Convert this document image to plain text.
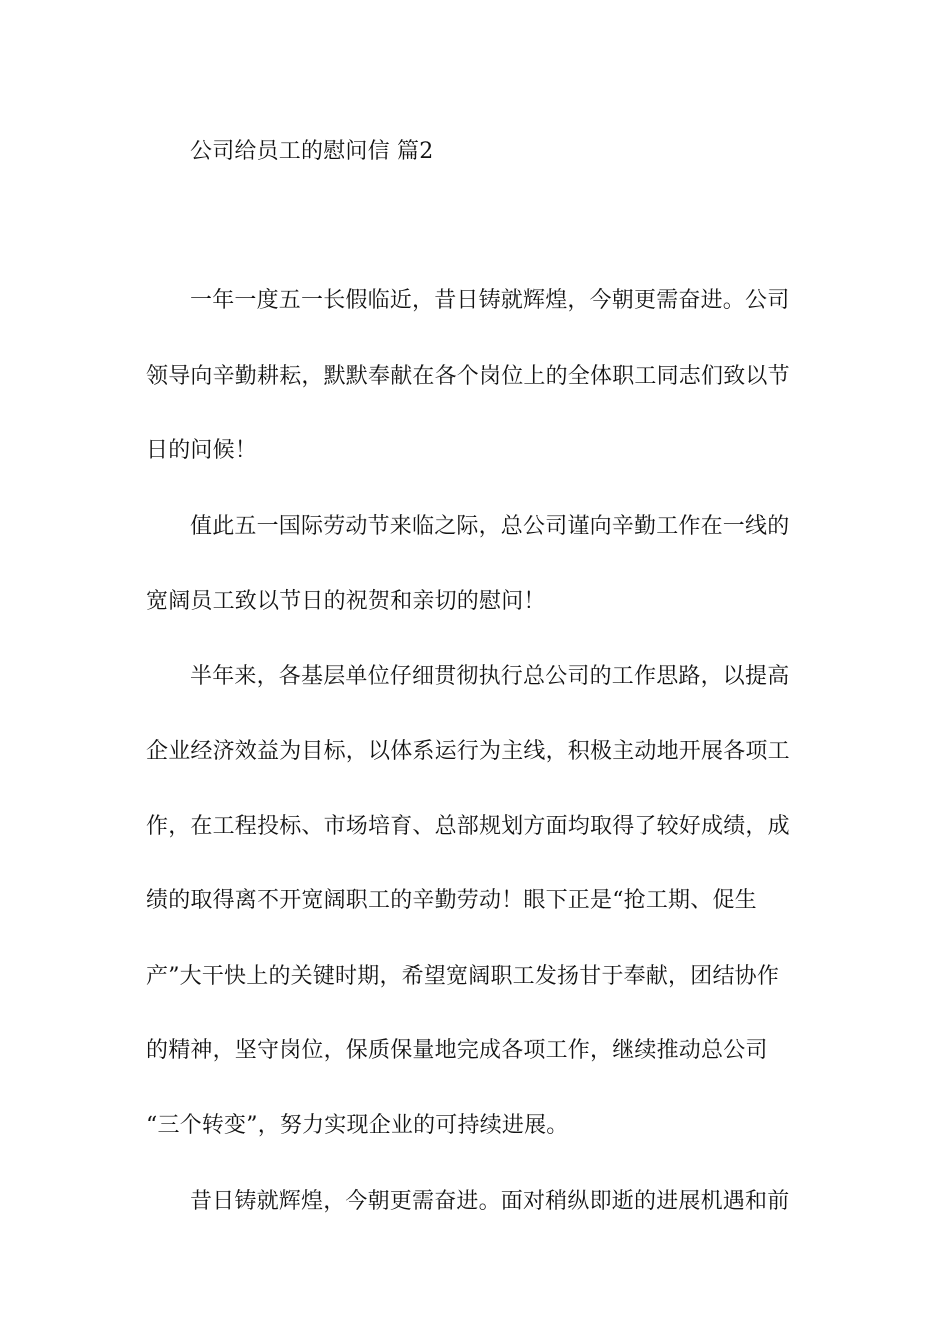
公司给员工的慰问信 篇2
一年一度五一长假临近，昔日铸就辉煌，今朝更需奋进。公司
领导向辛勤耕耘，默默奉献在各个岗位上的全体职工同志们致以节
日的问候！
值此五一国际劳动节来临之际，总公司谨向辛勤工作在一线的
宽阔员工致以节日的祝贺和亲切的慰问！
半年来，各基层单位仔细贯彻执行总公司的工作思路，以提高
企业经济效益为目标，以体系运行为主线，积极主动地开展各项工
作，在工程投标、市场培育、总部规划方面均取得了较好成绩，成
绩的取得离不开宽阔职工的辛勤劳动！眼下正是“抢工期、促生
产”大干快上的关键时期，希望宽阔职工发扬甘于奉献，团结协作
的精神，坚守岗位，保质保量地完成各项工作，继续推动总公司
“三个转变”，努力实现企业的可持续进展。
昔日铸就辉煌，今朝更需奋进。面对稍纵即逝的进展机遇和前
